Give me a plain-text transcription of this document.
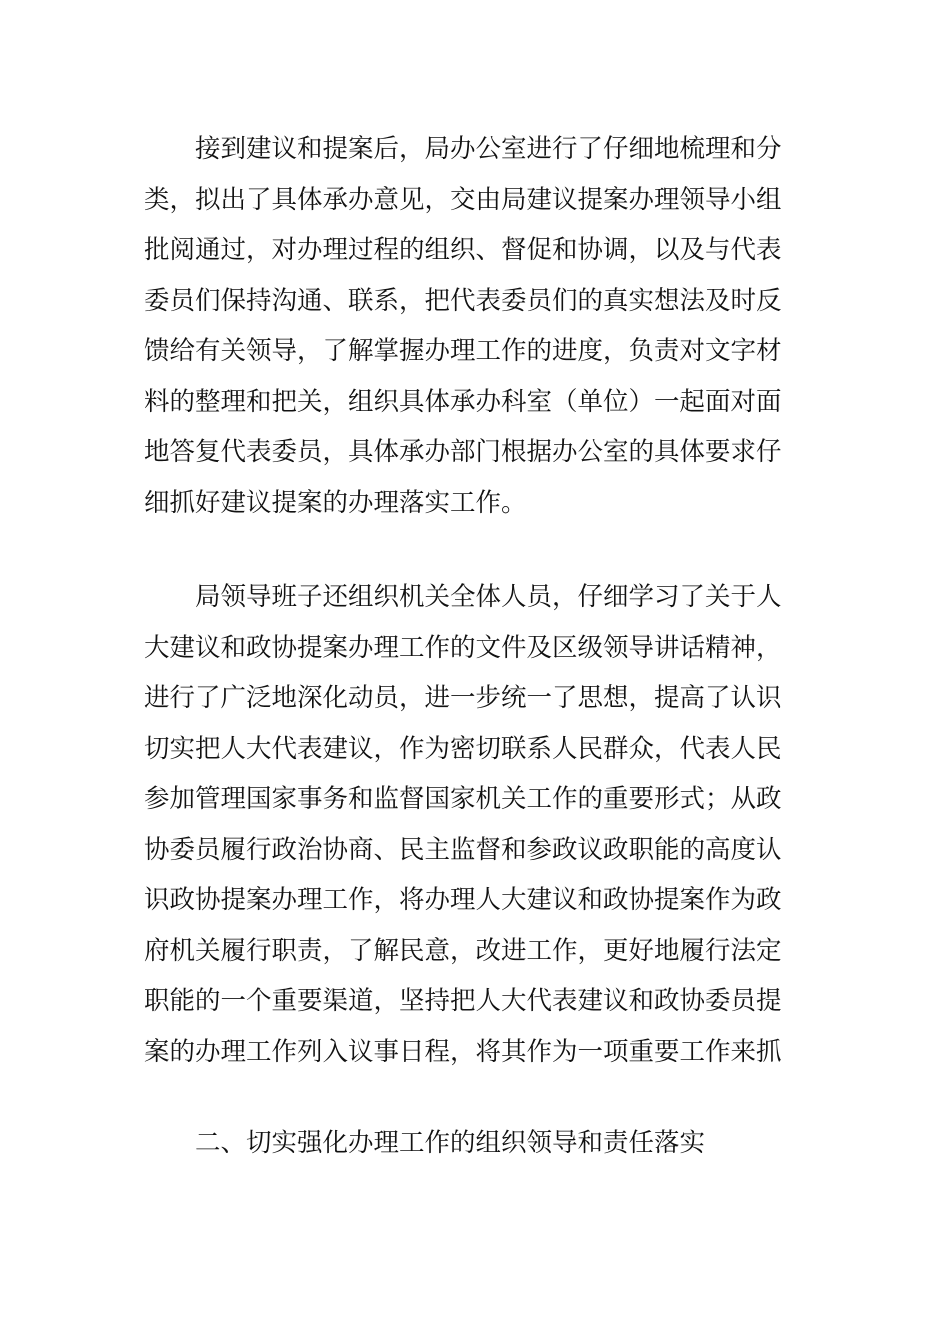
接到建议和提案后，局办公室进行了仔细地梳理和分
类，拟出了具体承办意见，交由局建议提案办理领导小组
批阅通过，对办理过程的组织、督促和协调，以及与代表
委员们保持沟通、联系，把代表委员们的真实想法及时反
馈给有关领导，了解掌握办理工作的进度，负责对文字材
料的整理和把关，组织具体承办科室（单位）一起面对面
地答复代表委员，具体承办部门根据办公室的具体要求仔
细抓好建议提案的办理落实工作。
局领导班子还组织机关全体人员，仔细学习了关于人
大建议和政协提案办理工作的文件及区级领导讲话精神，
进行了广泛地深化动员，进一步统一了思想，提高了认识
切实把人大代表建议，作为密切联系人民群众，代表人民
参加管理国家事务和监督国家机关工作的重要形式；从政
协委员履行政治协商、民主监督和参政议政职能的高度认
识政协提案办理工作，将办理人大建议和政协提案作为政
府机关履行职责，了解民意，改进工作，更好地履行法定
职能的一个重要渠道，坚持把人大代表建议和政协委员提
案的办理工作列入议事日程，将其作为一项重要工作来抓
二、切实强化办理工作的组织领导和责任落实
